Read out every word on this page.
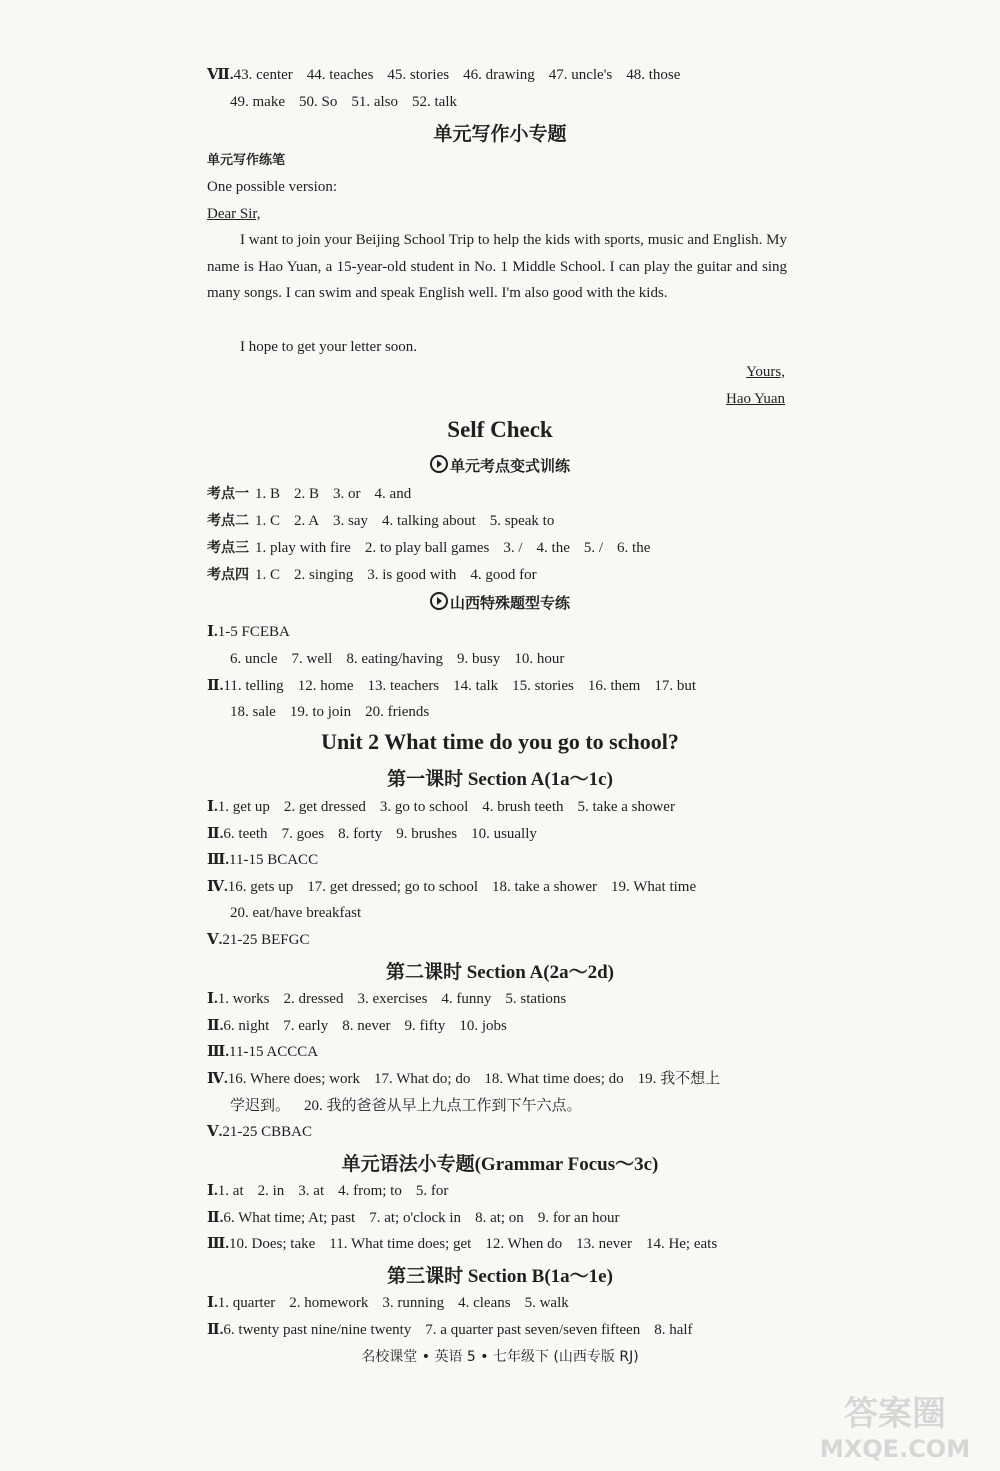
Ⅶ.43. center 44. teaches 45. stories 46. drawing 47. uncle's 48. those
49. make 50. So 51. also 52. talk
单元写作小专题
单元写作练笔
One possible version:
Dear Sir,
I want to join your Beijing School Trip to help the kids with sports, music and English. My name is Hao Yuan, a 15-year-old student in No. 1 Middle School. I can play the guitar and sing many songs. I can swim and speak English well. I'm also good with the kids.
I hope to get your letter soon.
Yours,
Hao Yuan
Self Check
单元考点变式训练
考点一 1. B 2. B 3. or 4. and
考点二 1. C 2. A 3. say 4. talking about 5. speak to
考点三 1. play with fire 2. to play ball games 3. / 4. the 5. / 6. the
考点四 1. C 2. singing 3. is good with 4. good for
山西特殊题型专练
Ⅰ.1-5 FCEBA
6. uncle 7. well 8. eating/having 9. busy 10. hour
Ⅱ.11. telling 12. home 13. teachers 14. talk 15. stories 16. them 17. but
18. sale 19. to join 20. friends
Unit 2 What time do you go to school?
第一课时 Section A(1a～1c)
Ⅰ.1. get up 2. get dressed 3. go to school 4. brush teeth 5. take a shower
Ⅱ.6. teeth 7. goes 8. forty 9. brushes 10. usually
Ⅲ.11-15 BCACC
Ⅳ.16. gets up 17. get dressed; go to school 18. take a shower 19. What time
20. eat/have breakfast
Ⅴ.21-25 BEFGC
第二课时 Section A(2a～2d)
Ⅰ.1. works 2. dressed 3. exercises 4. funny 5. stations
Ⅱ.6. night 7. early 8. never 9. fifty 10. jobs
Ⅲ.11-15 ACCCA
Ⅳ.16. Where does; work 17. What do; do 18. What time does; do 19. 我不想上
学迟到。 20. 我的爸爸从早上九点工作到下午六点。
Ⅴ.21-25 CBBAC
单元语法小专题(Grammar Focus～3c)
Ⅰ.1. at 2. in 3. at 4. from; to 5. for
Ⅱ.6. What time; At; past 7. at; o'clock in 8. at; on 9. for an hour
Ⅲ.10. Does; take 11. What time does; get 12. When do 13. never 14. He; eats
第三课时 Section B(1a～1e)
Ⅰ.1. quarter 2. homework 3. running 4. cleans 5. walk
Ⅱ.6. twenty past nine/nine twenty 7. a quarter past seven/seven fifteen 8. half
名校课堂 • 英语 5 • 七年级下 (山西专版 RJ)
答案圈
MXQE.COM
